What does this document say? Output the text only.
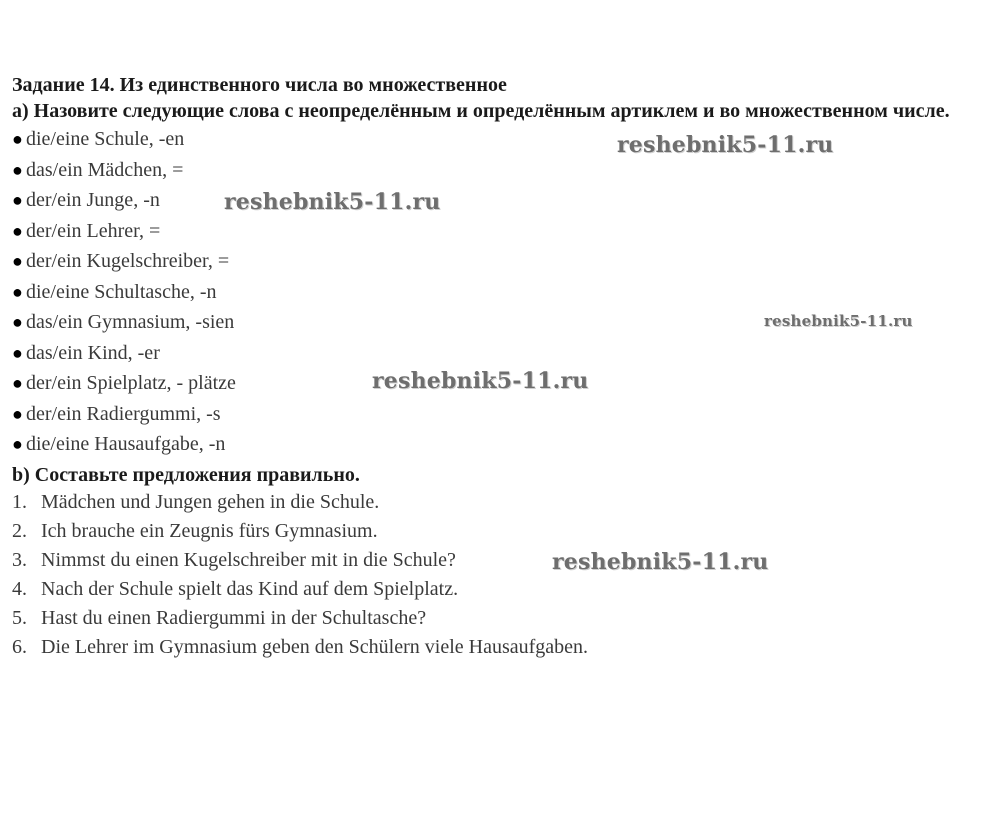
Задание 14. Из единственного числа во множественное

а) Назовите следующие слова с неопределённым и определённым артиклем и во множественном числе.

● die/eine Schule, -en
● das/ein Mädchen, =
● der/ein Junge, -n
● der/ein Lehrer, =
● der/ein Kugelschreiber, =
● die/eine Schultasche, -n
● das/ein Gymnasium, -sien
● das/ein Kind, -er
● der/ein Spielplatz, - plätze
● der/ein Radiergummi, -s
● die/eine Hausaufgabe, -n

b) Составьте предложения правильно.

1. Mädchen und Jungen gehen in die Schule.
2. Ich brauche ein Zeugnis fürs Gymnasium.
3. Nimmst du einen Kugelschreiber mit in die Schule?
4. Nach der Schule spielt das Kind auf dem Spielplatz.
5. Hast du einen Radiergummi in der Schultasche?
6. Die Lehrer im Gymnasium geben den Schülern viele Hausaufgaben.
reshebnik5-11.ru
reshebnik5-11.ru
reshebnik5-11.ru
reshebnik5-11.ru
reshebnik5-11.ru
